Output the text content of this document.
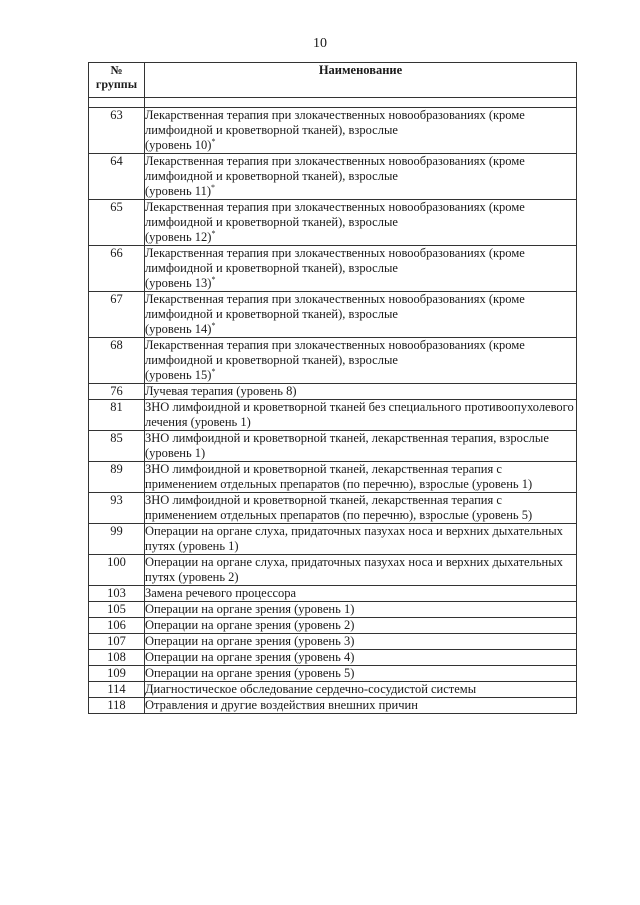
10
№
группы	Наименование

63	Лекарственная терапия при злокачественных новообразованиях (кроме лимфоидной и кроветворной тканей), взрослые
(уровень 10)*
64	Лекарственная терапия при злокачественных новообразованиях (кроме лимфоидной и кроветворной тканей), взрослые
(уровень 11)*
65	Лекарственная терапия при злокачественных новообразованиях (кроме лимфоидной и кроветворной тканей), взрослые
(уровень 12)*
66	Лекарственная терапия при злокачественных новообразованиях (кроме лимфоидной и кроветворной тканей), взрослые
(уровень 13)*
67	Лекарственная терапия при злокачественных новообразованиях (кроме лимфоидной и кроветворной тканей), взрослые
(уровень 14)*
68	Лекарственная терапия при злокачественных новообразованиях (кроме лимфоидной и кроветворной тканей), взрослые
(уровень 15)*
76	Лучевая терапия (уровень 8)
81	ЗНО лимфоидной и кроветворной тканей без специального противоопухолевого лечения (уровень 1)
85	ЗНО лимфоидной и кроветворной тканей, лекарственная терапия, взрослые (уровень 1)
89	ЗНО лимфоидной и кроветворной тканей, лекарственная терапия с применением отдельных препаратов (по перечню), взрослые (уровень 1)
93	ЗНО лимфоидной и кроветворной тканей, лекарственная терапия с применением отдельных препаратов (по перечню), взрослые (уровень 5)
99	Операции на органе слуха, придаточных пазухах носа и верхних дыхательных путях (уровень 1)
100	Операции на органе слуха, придаточных пазухах носа и верхних дыхательных путях (уровень 2)
103	Замена речевого процессора
105	Операции на органе зрения (уровень 1)
106	Операции на органе зрения (уровень 2)
107	Операции на органе зрения (уровень 3)
108	Операции на органе зрения (уровень 4)
109	Операции на органе зрения (уровень 5)
114	Диагностическое обследование сердечно-сосудистой системы
118	Отравления и другие воздействия внешних причин
